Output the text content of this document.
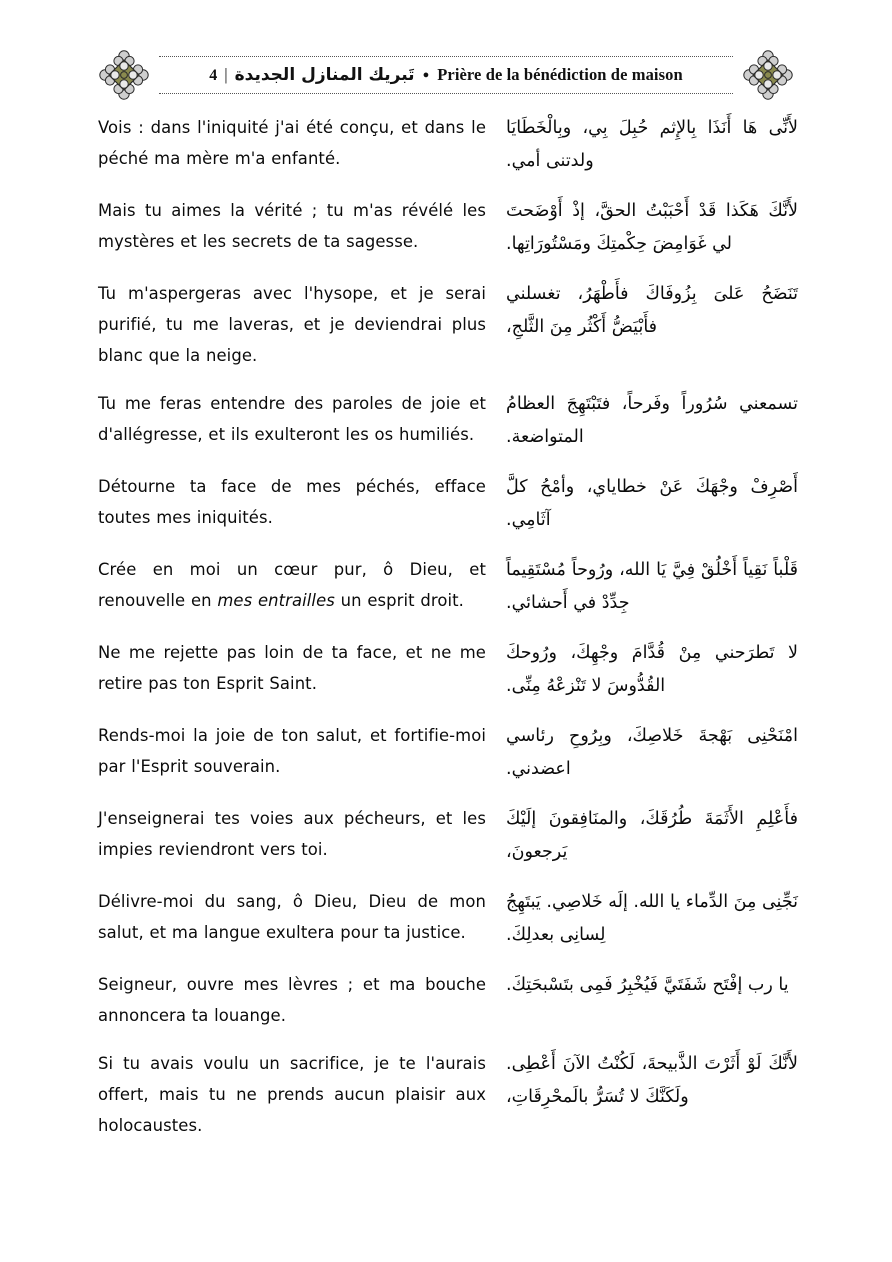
Prière de la bénédiction de maison●تَبريك المنازل الجديدة|4
Vois : dans l'iniquité j'ai été conçu, et dans le péché ma mère m'a enfanté.
لأَنِّى هَا أَنَذَا بِالإِثم حُبِلَ بِي، وبِالْخَطَايَا ولدتنى أمي.
Mais tu aimes la vérité ; tu m'as révélé les mystères et les secrets de ta sagesse.
لأَنَّكَ هَكَذا قَدْ أَحْبَبْتُ الحقَّ، إذْ أَوْضَحتَ لي غَوَامِضَ حِكْمتِكَ ومَسْتُورَاتِها.
Tu m'aspergeras avec l'hysope, et je serai purifié, tu me laveras, et je deviendrai plus blanc que la neige.
تَنَضَحُ عَلىَ بِزُوفَاكَ فأَطْهَرُ، تغسلني فأَبْيَضُّ أَكْثُر مِنَ الثَّلجِ،
Tu me feras entendre des paroles de joie et d'allégresse, et ils exulteront les os humiliés.
تسمعني سُرُوراً وفَرحاً، فتَبْتَهِجَ العظامُ المتواضعة.
Détourne ta face de mes péchés, efface toutes mes iniquités.
أَصْرِفْ وجْهَكَ عَنْ خطاياي، وأمْحُ كلَّ آثَامِي.
Crée en moi un cœur pur, ô Dieu, et renouvelle en mes entrailles un esprit droit.
قَلْباً نَقِياً أَخْلُقْ فِيَّ يَا الله، ورُوحاً مُسْتَقِيماً جِدِّدْ في أَحشائي.
Ne me rejette pas loin de ta face, et ne me retire pas ton Esprit Saint.
لا تَطرَحني مِنْ قُدَّامَ وجْهِكَ، ورُوحكَ القُدُّوسَ لا تَنْزعْهُ مِنِّى.
Rends-moi la joie de ton salut, et fortifie-moi par l'Esprit souverain.
امْنَحْنِى بَهْجةَ خَلاصِكَ، وبِرُوحِ رئاسي اعضدني.
J'enseignerai tes voies aux pécheurs, et les impies reviendront vers toi.
فأَعْلِمِ الأَثَمَةَ طُرُقَكَ، والمنَافِقونَ إلَيْكَ يَرجعونَ،
Délivre-moi du sang, ô Dieu, Dieu de mon salut, et ma langue exultera pour ta justice.
نَجِّنِى مِنَ الدِّماء يا الله. إلَه خَلاصِي. يَبتَهِجُ لِسانِى بعدلِكَ.
Seigneur, ouvre mes lèvres ; et ma bouche annoncera ta louange.
يا رب إفْتَح شَفَتَيَّ فَيُخْبِرُ فَمِى بتَسْبحَتِكَ.
Si tu avais voulu un sacrifice, je te l'aurais offert, mais tu ne prends aucun plaisir aux holocaustes.
لأَنَّكَ لَوْ أَثَرْتَ الذَّبيحةَ، لَكُنْتُ الآنَ أَعْطِى. ولَكَنَّكَ لا تُسَرُّ بالَمحْرِقَاتِ،
